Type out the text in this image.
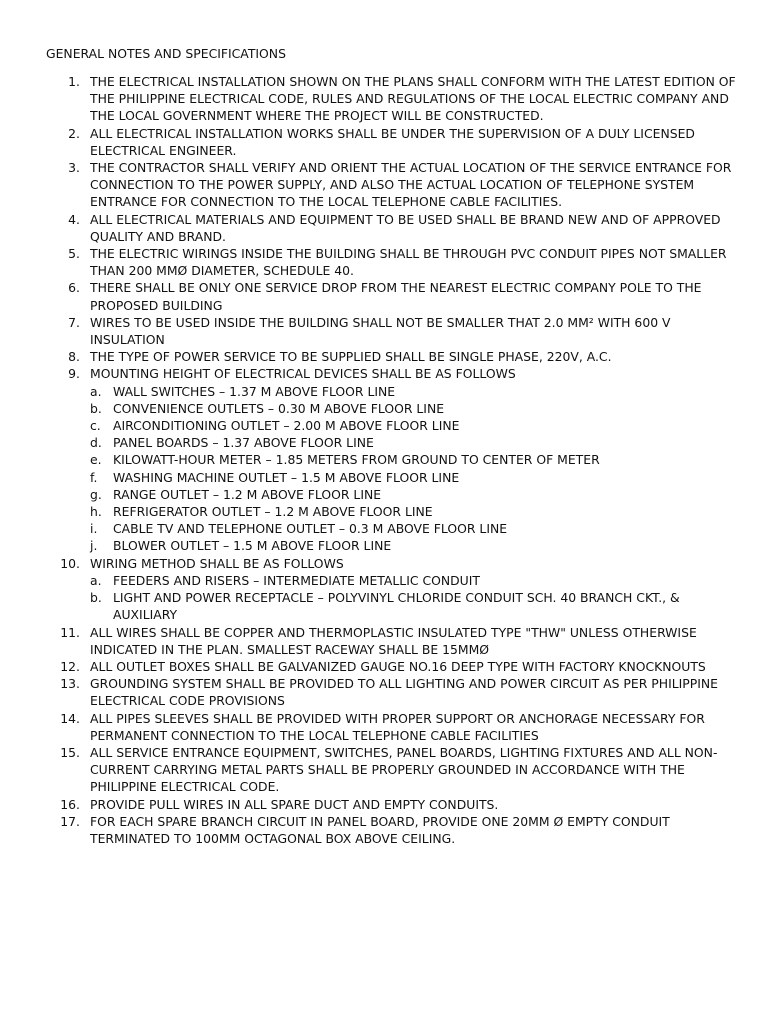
GENERAL NOTES AND SPECIFICATIONS
1. THE ELECTRICAL INSTALLATION SHOWN ON THE PLANS SHALL CONFORM WITH THE LATEST EDITION OF THE PHILIPPINE ELECTRICAL CODE, RULES AND REGULATIONS OF THE LOCAL ELECTRIC COMPANY AND THE LOCAL GOVERNMENT WHERE THE PROJECT WILL BE CONSTRUCTED.
2. ALL ELECTRICAL INSTALLATION WORKS SHALL BE UNDER THE SUPERVISION OF A DULY LICENSED ELECTRICAL ENGINEER.
3. THE CONTRACTOR SHALL VERIFY AND ORIENT THE ACTUAL LOCATION OF THE SERVICE ENTRANCE FOR CONNECTION TO THE POWER SUPPLY, AND ALSO THE ACTUAL LOCATION OF TELEPHONE SYSTEM ENTRANCE FOR CONNECTION TO THE LOCAL TELEPHONE CABLE FACILITIES.
4. ALL ELECTRICAL MATERIALS AND EQUIPMENT TO BE USED SHALL BE BRAND NEW AND OF APPROVED QUALITY AND BRAND.
5. THE ELECTRIC WIRINGS INSIDE THE BUILDING SHALL BE THROUGH PVC CONDUIT PIPES NOT SMALLER THAN 200 MMØ DIAMETER, SCHEDULE 40.
6. THERE SHALL BE ONLY ONE SERVICE DROP FROM THE NEAREST ELECTRIC COMPANY POLE TO THE PROPOSED BUILDING
7. WIRES TO BE USED INSIDE THE BUILDING SHALL NOT BE SMALLER THAT 2.0 MM² WITH 600 V INSULATION
8. THE TYPE OF POWER SERVICE TO BE SUPPLIED SHALL BE SINGLE PHASE, 220V, A.C.
9. MOUNTING HEIGHT OF ELECTRICAL DEVICES SHALL BE AS FOLLOWS
a. WALL SWITCHES – 1.37 M ABOVE FLOOR LINE
b. CONVENIENCE OUTLETS – 0.30 M ABOVE FLOOR LINE
c. AIRCONDITIONING OUTLET – 2.00 M ABOVE FLOOR LINE
d. PANEL BOARDS – 1.37 ABOVE FLOOR LINE
e. KILOWATT-HOUR METER – 1.85 METERS FROM GROUND TO CENTER OF METER
f. WASHING MACHINE OUTLET – 1.5 M ABOVE FLOOR LINE
g. RANGE OUTLET – 1.2 M ABOVE FLOOR LINE
h. REFRIGERATOR OUTLET – 1.2 M ABOVE FLOOR LINE
i. CABLE TV AND TELEPHONE OUTLET – 0.3 M ABOVE FLOOR LINE
j. BLOWER OUTLET – 1.5 M ABOVE FLOOR LINE
10. WIRING METHOD SHALL BE AS FOLLOWS
a. FEEDERS AND RISERS – INTERMEDIATE METALLIC CONDUIT
b. LIGHT AND POWER RECEPTACLE – POLYVINYL CHLORIDE CONDUIT SCH. 40 BRANCH CKT., & AUXILIARY
11. ALL WIRES SHALL BE COPPER AND THERMOPLASTIC INSULATED TYPE "THW" UNLESS OTHERWISE INDICATED IN THE PLAN. SMALLEST RACEWAY SHALL BE 15MMØ
12. ALL OUTLET BOXES SHALL BE GALVANIZED GAUGE NO.16 DEEP TYPE WITH FACTORY KNOCKNOUTS
13. GROUNDING SYSTEM SHALL BE PROVIDED TO ALL LIGHTING AND POWER CIRCUIT AS PER PHILIPPINE ELECTRICAL CODE PROVISIONS
14. ALL PIPES SLEEVES SHALL BE PROVIDED WITH PROPER SUPPORT OR ANCHORAGE NECESSARY FOR PERMANENT CONNECTION TO THE LOCAL TELEPHONE CABLE FACILITIES
15. ALL SERVICE ENTRANCE EQUIPMENT, SWITCHES, PANEL BOARDS, LIGHTING FIXTURES AND ALL NON-CURRENT CARRYING METAL PARTS SHALL BE PROPERLY GROUNDED IN ACCORDANCE WITH THE PHILIPPINE ELECTRICAL CODE.
16. PROVIDE PULL WIRES IN ALL SPARE DUCT AND EMPTY CONDUITS.
17. FOR EACH SPARE BRANCH CIRCUIT IN PANEL BOARD, PROVIDE ONE 20MM Ø EMPTY CONDUIT TERMINATED TO 100MM OCTAGONAL BOX ABOVE CEILING.
